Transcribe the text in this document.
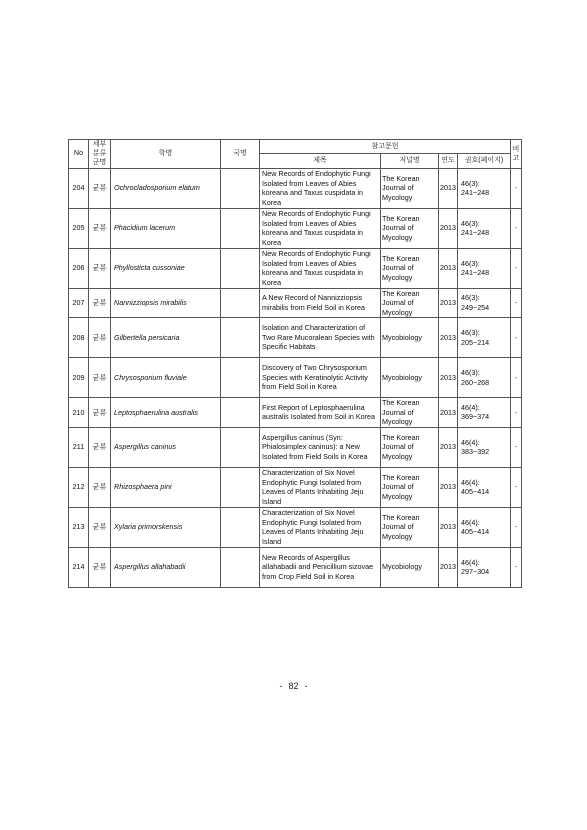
No	세부 분류군명	학명	국명	참고문헌				비고
				제목	저널명	연도	권호(페이지)	
204	균류	Ochrocladosporium elatum		New Records of Endophytic Fungi Isolated from Leaves of Abies koreana and Taxus cuspidata in Korea	The Korean Journal of Mycology	2013	46(3): 241~248	-
205	균류	Phacidium lacerum		New Records of Endophytic Fungi Isolated from Leaves of Abies koreana and Taxus cuspidata in Korea	The Korean Journal of Mycology	2013	46(3): 241~248	-
206	균류	Phyllosticta cussoniae		New Records of Endophytic Fungi Isolated from Leaves of Abies koreana and Taxus cuspidata in Korea	The Korean Journal of Mycology	2013	46(3): 241~248	-
207	균류	Nannizziopsis mirabilis		A New Record of Nannizziopsis mirabilis from Field Soil in Korea	The Korean Journal of Mycology	2013	46(3): 249~254	-
208	균류	Gilbertella persicaria		Isolation and Characterization of Two Rare Mucoralean Species with Specific Habitats	Mycobiology	2013	46(3): 205~214	-
209	균류	Chrysosporium fluviale		Discovery of Two Chrysosporium Species with Keratinolytic Activity from Field Soil in Korea	Mycobiology	2013	46(3): 260~268	-
210	균류	Leptosphaerulina australis		First Report of Leptosphaerulina australis Isolated from Soil in Korea	The Korean Journal of Mycology	2013	46(4): 369~374	-
211	균류	Aspergillus caninus		Aspergillus caninus (Syn: Phialosimplex caninus): a New Isolated from Field Soils in Korea	The Korean Journal of Mycology	2013	46(4): 383~392	-
212	균류	Rhizosphaera pini		Characterization of Six Novel Endophytic Fungi Isolated from Leaves of Plants Inhabiting Jeju Island	The Korean Journal of Mycology	2013	46(4): 405~414	-
213	균류	Xylaria primorskensis		Characterization of Six Novel Endophytic Fungi Isolated from Leaves of Plants Inhabiting Jeju Island	The Korean Journal of Mycology	2013	46(4): 405~414	-
214	균류	Aspergillus allahabadii		New Records of Aspergillus allahabadii and Penicillium sizovae from Crop Field Soil in Korea	Mycobiology	2013	46(4): 297~304	-
- 82 -
